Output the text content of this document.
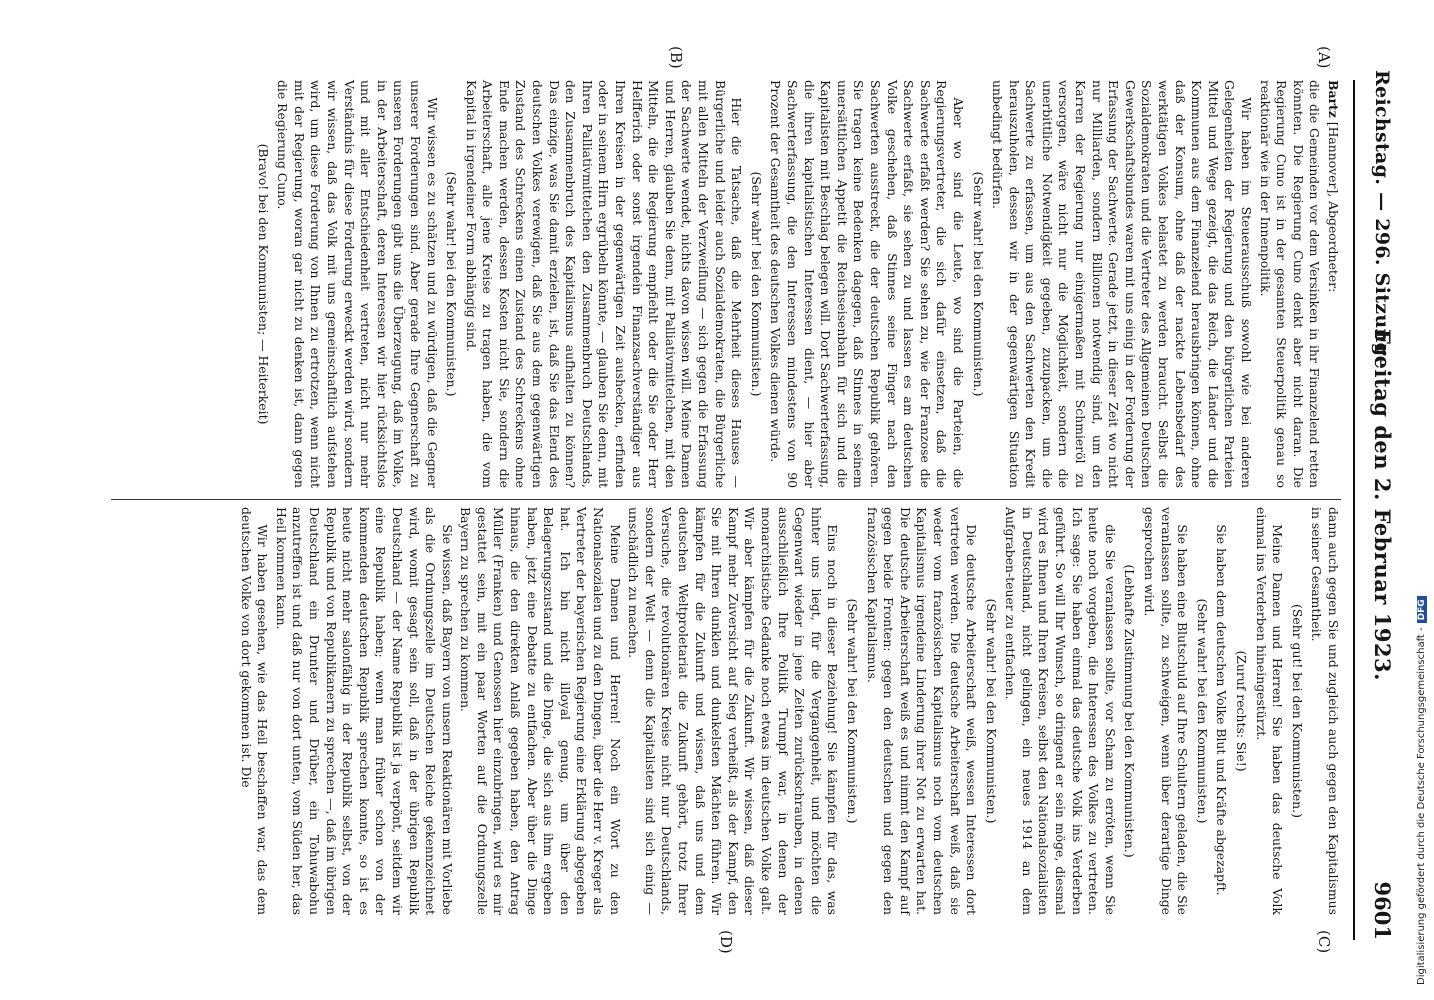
Reichstag. — 296. Sitzung.
Freitag den 2. Februar 1923.
9601
(A)
(B)
(C)
(D)

Bartz [Hannover], Abgeordneter:

die die Gemeinden vor dem Versinken in ihr Finanzelend retten könnten. Die Regierung Cuno denkt aber nicht daran. Die Regierung Cuno ist in der gesamten Steuerpolitik genau so reaktionär wie in der Innenpolitik.

Wir haben im Steuerausschuß sowohl wie bei anderen Gelegenheiten der Regierung und den bürgerlichen Parteien Mittel und Wege gezeigt, die das Reich, die Länder und die Kommunen aus dem Finanzelend herausbringen können, ohne daß der Konsum, ohne daß der nackte Lebensbedarf des werktätigen Volkes belastet zu werden braucht. Selbst die Sozialdemokraten und die Vertreter des Allgemeinen Deutschen Gewerkschaftsbundes waren mit uns einig in der Forderung der Erfassung der Sachwerte. Gerade jetzt, in dieser Zeit wo nicht nur Milliarden, sondern Billionen notwendig sind, um den Karren der Regierung nur einigermaßen mit Schmieröl zu versorgen, wäre nicht nur die Möglichkeit, sondern die unerbittliche Notwendigkeit gegeben, zuzupacken, um die Sachwerte zu erfassen, um aus den Sachwerten den Kredit herauszuholen, dessen wir in der gegenwärtigen Situation unbedingt bedürfen.

(Sehr wahr! bei den Kommunisten.)

Aber wo sind die Leute, wo sind die Parteien, die Regierungsvertreter, die sich dafür einsetzen, daß die Sachwerte erfaßt werden? Sie sehen zu, wie der Franzose die Sachwerte erfaßt, sie sehen zu und lassen es am deutschen Volke geschehen, daß Stinnes seine Finger nach den Sachwerten ausstreckt, die der deutschen Republik gehören. Sie tragen keine Bedenken dagegen, daß Stinnes in seinem unersättlichen Appetit die Reichseisenbahn für sich und die Kapitalisten mit Beschlag belegen will. Dort Sachwerterfassung, die ihren kapitalistischen Interessen dient, — hier aber Sachwerterfassung, die den Interessen mindestens von 90 Prozent der Gesamtheit des deutschen Volkes dienen würde.

(Sehr wahr! bei den Kommunisten.)

Hier die Tatsache, daß die Mehrheit dieses Hauses — Bürgerliche und leider auch Sozialdemokraten, die Bürgerliche mit allen Mitteln der Verzweiflung — sich gegen die Erfassung der Sachwerte wendet, nichts davon wissen will. Meine Damen und Herren, glauben Sie denn, mit Palliativmittelchen, mit den Mitteln, die die Regierung empfiehlt oder die Sie oder Herr Helfferich oder sonst irgendein Finanzsachverständiger aus Ihren Kreisen in der gegenwärtigen Zeit aushecken, erfinden oder in seinem Hirn ergrübeln könnte, — glauben Sie denn, mit Ihren Palliativmittelchen den Zusammenbruch Deutschlands, den Zusammenbruch des Kapitalismus aufhalten zu können? Das einzige, was Sie damit erzielen, ist, daß Sie das Elend des deutschen Volkes verewigen, daß Sie aus dem gegenwärtigen Zustand des Schreckens einen Zustand des Schreckens ohne Ende machen werden, dessen Kosten nicht Sie, sondern die Arbeiterschaft, alle jene Kreise zu tragen haben, die vom Kapital in irgendeiner Form abhängig sind.

(Sehr wahr! bei den Kommunisten.)

Wir wissen es zu schätzen und zu würdigen, daß die Gegner unserer Forderungen sind. Aber gerade Ihre Gegnerschaft zu unseren Forderungen gibt uns die Überzeugung, daß im Volke, in der Arbeiterschaft, deren Interessen wir hier rücksichtslos und mit aller Entschiedenheit vertreten, nicht nur mehr Verständnis für diese Forderung erweckt werden wird, sondern wir wissen, daß das Volk mit uns gemeinschaftlich aufstehen wird, um diese Forderung von Ihnen zu ertrotzen, wenn nicht mit der Regierung, woran gar nicht zu denken ist, dann gegen die Regierung Cuno.

(Bravo! bei den Kommunisten; — Heiterkeit)

dann auch gegen Sie und zugleich auch gegen den Kapitalismus in seiner Gesamtheit.

(Sehr gut! bei den Kommunisten.)

Meine Damen und Herren! Sie haben das deutsche Volk einmal ins Verderben hineingestürzt.

(Zuruf rechts: Sie!)

Sie haben dem deutschen Volke Blut und Kräfte abgezapft.

(Sehr wahr! bei den Kommunisten.)

Sie haben eine Blutschuld auf Ihre Schultern geladen, die Sie veranlassen sollte, zu schweigen, wenn über derartige Dinge gesprochen wird.

(Lebhafte Zustimmung bei den Kommunisten.)

die Sie veranlassen sollte, vor Scham zu erröten, wenn Sie heute noch vorgeben, die Interessen des Volkes zu vertreten. Ich sage: Sie haben einmal das deutsche Volk ins Verderben geführt. So will Ihr Wunsch, so dringend er sein möge, diesmal wird es Ihnen und Ihren Kreisen, selbst den Nationalsozialisten in Deutschland, nicht gelingen, ein neues 1914 an dem Aufgraben-teuer zu entfachen.

(Sehr wahr! bei den Kommunisten.)

Die deutsche Arbeiterschaft weiß, wessen Interessen dort vertreten werden. Die deutsche Arbeiterschaft weiß, daß sie weder vom französischen Kapitalismus noch vom deutschen Kapitalismus irgendeine Linderung ihrer Not zu erwarten hat. Die deutsche Arbeiterschaft weiß es und nimmt den Kampf auf gegen beide Fronten: gegen den deutschen und gegen den französischen Kapitalismus.

(Sehr wahr! bei den Kommunisten.)

Eins noch in dieser Beziehung! Sie kämpfen für das, was hinter uns liegt, für die Vergangenheit, und möchten die Gegenwart wieder in jene Zeiten zurückschrauben, in denen ausschließlich Ihre Politik Trumpf war, in denen der monarchistische Gedanke noch etwas im deutschen Volke galt. Wir aber kämpfen für die Zukunft. Wir wissen, daß dieser Kampf mehr Zuversicht auf Sieg verheißt, als der Kampf, den Sie mit Ihren dunklen und dunkelsten Mächten führen. Wir kämpfen für die Zukunft und wissen, daß uns und dem deutschen Weltproletariat die Zukunft gehört, trotz Ihrer Versuche, die revolutionären Kreise nicht nur Deutschlands, sondern der Welt — denn die Kapitalisten sind sich einig — unschädlich zu machen.

Meine Damen und Herren! Noch ein Wort zu den Nationalsozialen und zu den Dingen, über die Herr v. Kreger als Vertreter der bayerischen Regierung eine Erklärung abgegeben hat. Ich bin nicht illoyal genug, um über den Belagerungszustand und die Dinge, die sich aus ihm ergeben haben, jetzt eine Debatte zu entfachen. Aber über die Dinge hinaus, die den direkten Anlaß gegeben haben, den Antrag Müller (Franken) und Genossen hier einzubringen, wird es mir gestattet sein, mit ein paar Worten auf die Ordnungszelle Bayern zu sprechen zu kommen.

Sie wissen, daß Bayern von unsern Reaktionären mit Vorliebe als die Ordnungszelle im Deutschen Reiche gekennzeichnet wird, womit gesagt sein soll, daß in der übrigen Republik Deutschland — der Name Republik ist ja verpönt, seitdem wir eine Republik haben; wenn man früher schon von der kommenden deutschen Republik sprechen konnte, so ist es heute nicht mehr salonfähig in der Republik selbst, von der Republik und von Republikanern zu sprechen —, daß im übrigen Deutschland ein Drunter und Drüber, ein Tohuwabohu anzutreffen ist und daß nur von dort unten, vom Süden her, das Heil kommen kann.

Wir haben gesehen, wie das Heil beschaffen war, das dem deutschen Volke von dort gekommen ist. Die	Digitalisierung gefördert durch die Deutsche Forschungsgemeinschaft -DFG
